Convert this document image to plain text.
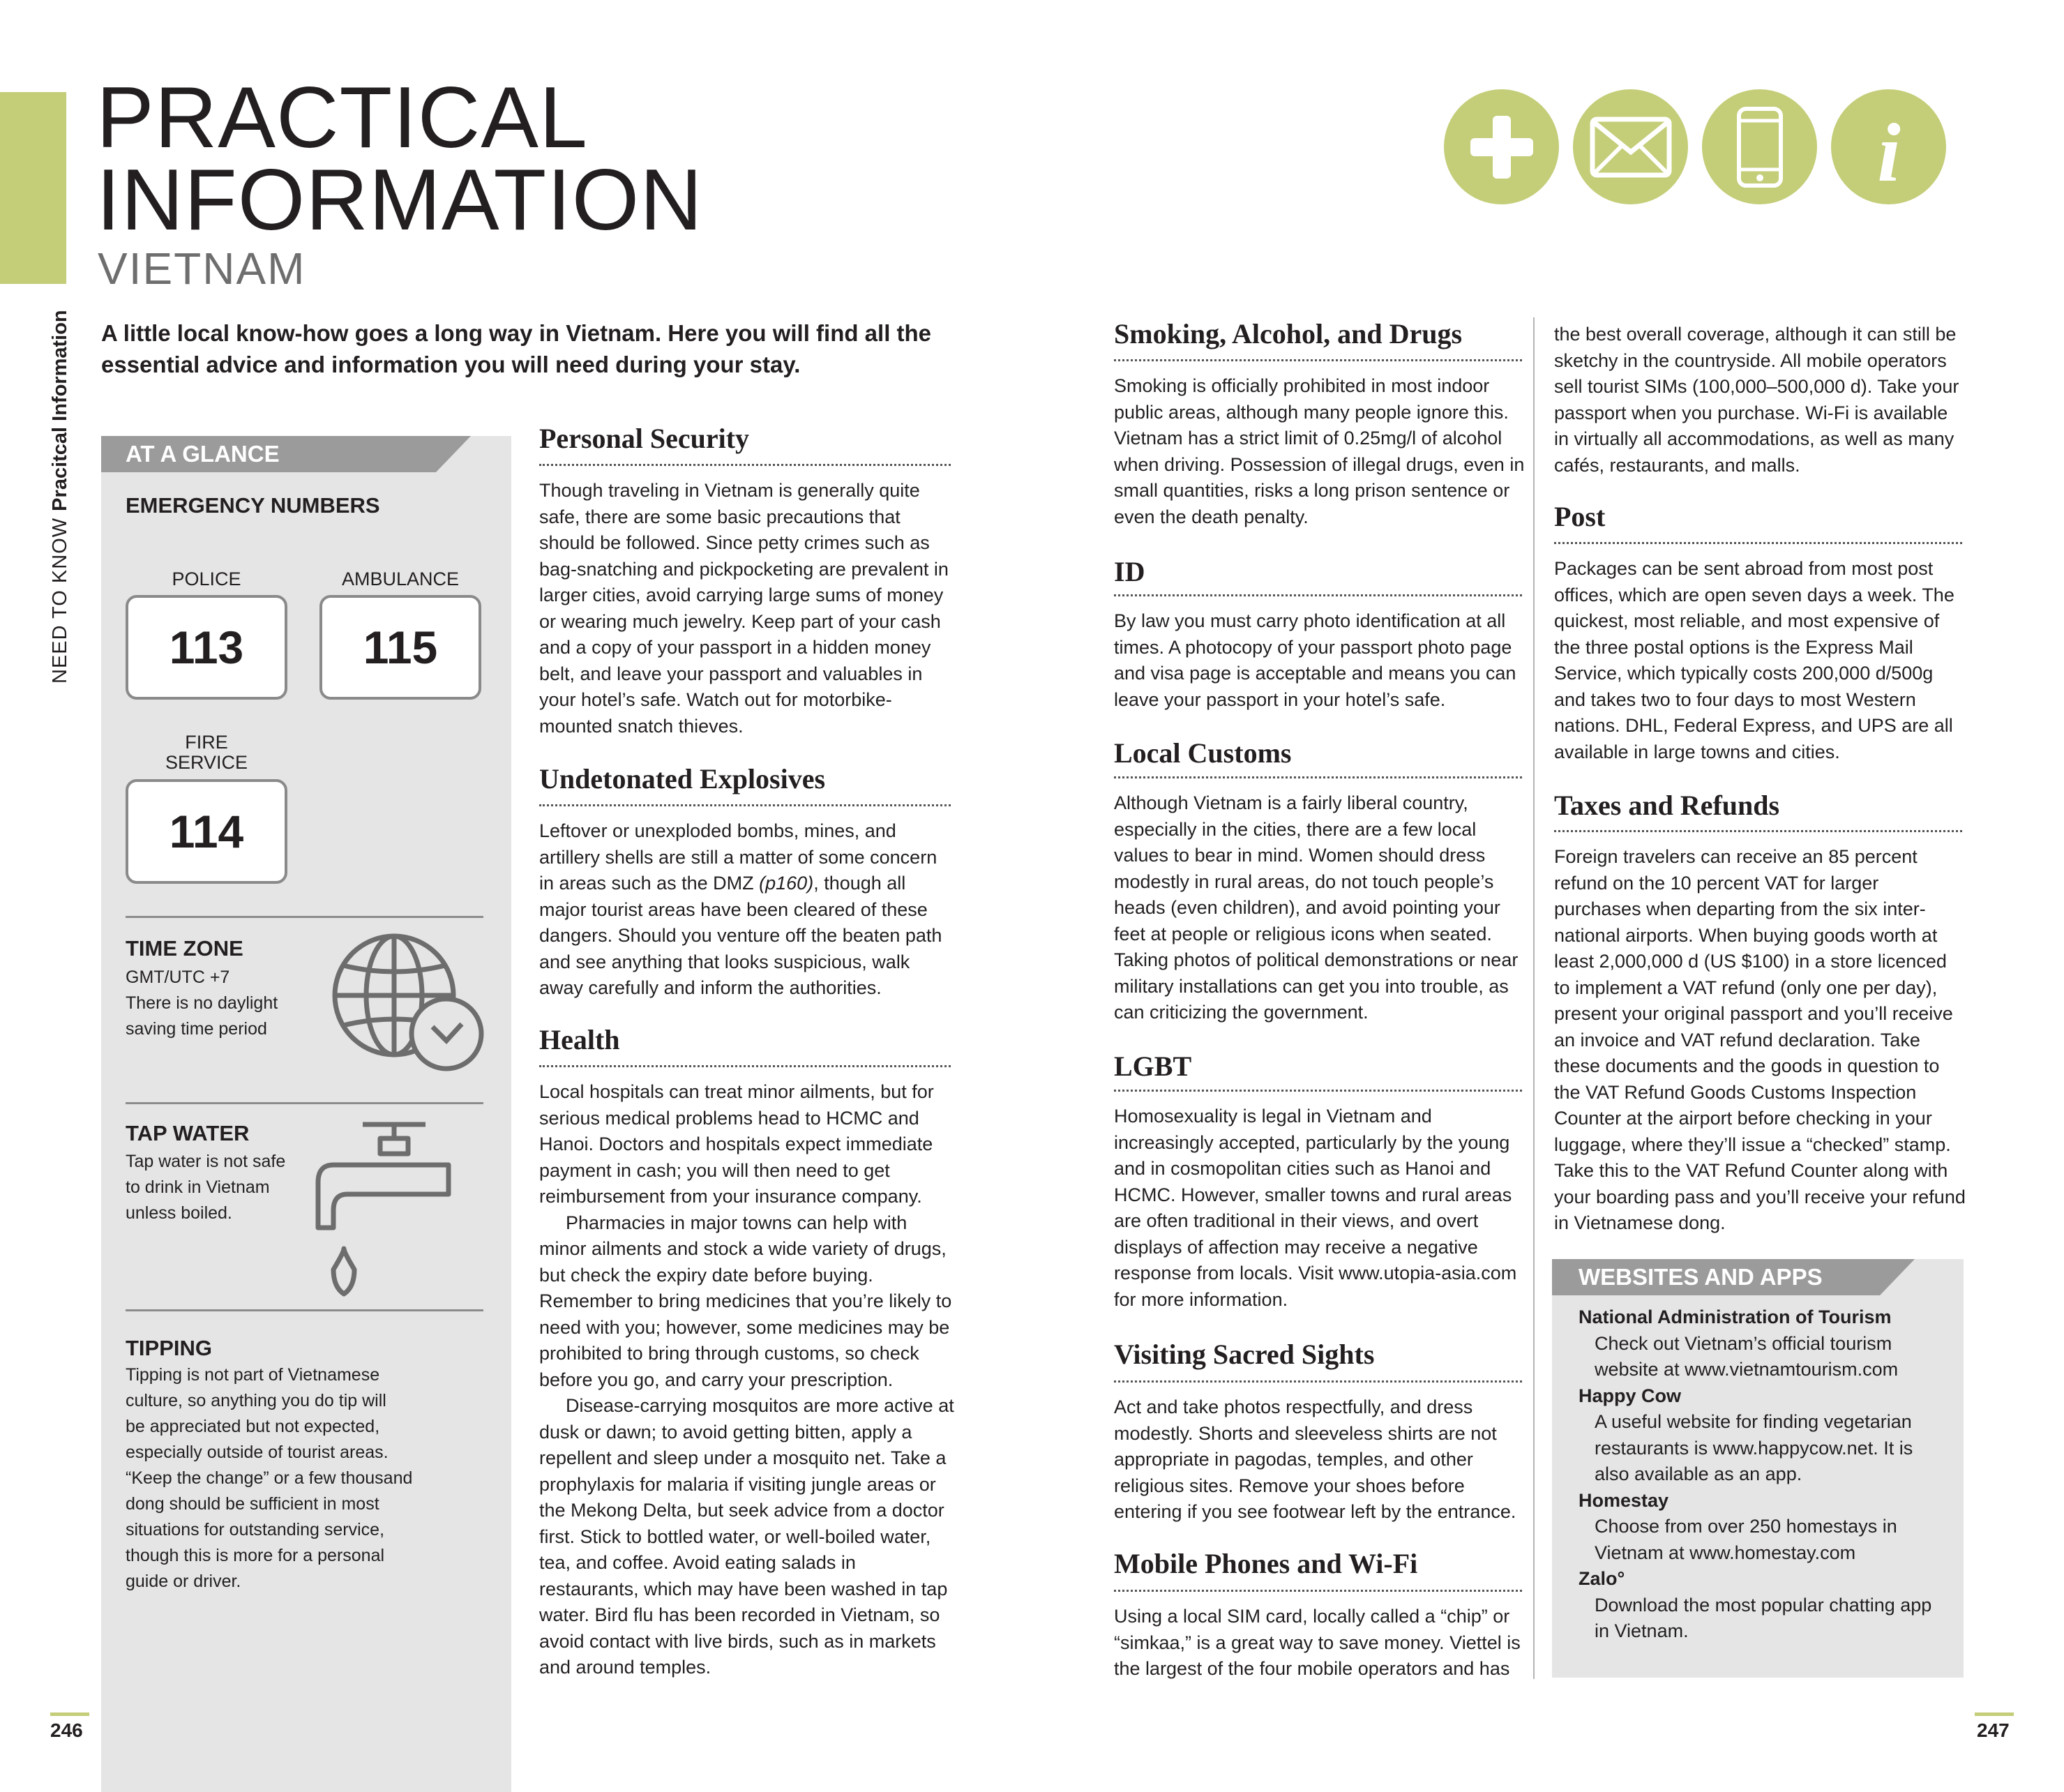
NEED TO KNOW Pracitcal Information
PRACTICAL
INFORMATION
VIETNAM
i
A little local know-how goes a long way in Vietnam. Here you will find all the essential advice and information you will need during your stay.
AT A GLANCE
EMERGENCY NUMBERS
POLICE
113
AMBULANCE
115
FIRE
SERVICE
114
TIME ZONE
GMT/UTC +7
There is no daylight
saving time period
TAP WATER
Tap water is not safe
to drink in Vietnam
unless boiled.
TIPPING
Tipping is not part of Vietnamese
culture, so anything you do tip will
be appreciated but not expected,
especially outside of tourist areas.
“Keep the change” or a few thousand
dong should be sufficient in most
situations for outstanding service,
though this is more for a personal
guide or driver.
Personal Security
Though traveling in Vietnam is generally quite safe, there are some basic precautions that should be followed. Since petty crimes such as bag-snatching and pickpocketing are prevalent in larger cities, avoid carrying large sums of money or wearing much jewelry. Keep part of your cash and a copy of your passport in a hidden money belt, and leave your passport and valuables in your hotel’s safe. Watch out for motorbike-mounted snatch thieves.
Undetonated Explosives
Leftover or unexploded bombs, mines, and artillery shells are still a matter of some concern in areas such as the DMZ (p160), though all major tourist areas have been cleared of these dangers. Should you venture off the beaten path and see anything that looks suspicious, walk away carefully and inform the authorities.
Health

Local hospitals can treat minor ailments, but for serious medical problems head to HCMC and Hanoi. Doctors and hospitals expect immediate payment in cash; you will then need to get reimbursement from your insurance company.

Pharmacies in major towns can help with minor ailments and stock a wide variety of drugs, but check the expiry date before buying. Remember to bring medicines that you’re likely to need with you; however, some medicines may be prohibited to bring through customs, so check before you go, and carry your prescription.

Disease-carrying mosquitos are more active at dusk or dawn; to avoid getting bitten, apply a repellent and sleep under a mosquito net. Take a prophylaxis for malaria if visiting jungle areas or the Mekong Delta, but seek advice from a doctor first. Stick to bottled water, or well-boiled water, tea, and coffee. Avoid eating salads in restaurants, which may have been washed in tap water. Bird flu has been recorded in Vietnam, so avoid contact with live birds, such as in markets and around temples.

Smoking, Alcohol, and Drugs
Smoking is officially prohibited in most indoor public areas, although many people ignore this. Vietnam has a strict limit of 0.25mg/l of alcohol when driving. Possession of illegal drugs, even in small quantities, risks a long prison sentence or even the death penalty.
ID
By law you must carry photo identification at all times. A photocopy of your passport photo page and visa page is acceptable and means you can leave your passport in your hotel’s safe.
Local Customs
Although Vietnam is a fairly liberal country, especially in the cities, there are a few local values to bear in mind. Women should dress modestly in rural areas, do not touch people’s heads (even children), and avoid pointing your feet at people or religious icons when seated. Taking photos of political demonstrations or near military installations can get you into trouble, as can criticizing the government.
LGBT
Homosexuality is legal in Vietnam and increasingly accepted, particularly by the young and in cosmopolitan cities such as Hanoi and HCMC. However, smaller towns and rural areas are often traditional in their views, and overt displays of affection may receive a negative response from locals. Visit www.utopia-asia.com for more information.
Visiting Sacred Sights
Act and take photos respectfully, and dress modestly. Shorts and sleeveless shirts are not appropriate in pagodas, temples, and other religious sites. Remove your shoes before entering if you see footwear left by the entrance.
Mobile Phones and Wi-Fi
Using a local SIM card, locally called a “chip” or “simkaa,” is a great way to save money. Viettel is the largest of the four mobile operators and has
the best overall coverage, although it can still be sketchy in the countryside. All mobile operators sell tourist SIMs (100,000–500,000 d). Take your passport when you purchase. Wi-Fi is available in virtually all accommodations, as well as many cafés, restaurants, and malls.
Post
Packages can be sent abroad from most post offices, which are open seven days a week. The quickest, most reliable, and most expensive of the three postal options is the Express Mail Service, which typically costs 200,000 d/500g and takes two to four days to most Western nations. DHL, Federal Express, and UPS are all available in large towns and cities.
Taxes and Refunds
Foreign travelers can receive an 85 percent refund on the 10 percent VAT for larger purchases when departing from the six inter-national airports. When buying goods worth at least 2,000,000 d (US $100) in a store licenced to implement a VAT refund (only one per day), present your original passport and you’ll receive an invoice and VAT refund declaration. Take these documents and the goods in question to the VAT Refund Goods Customs Inspection Counter at the airport before checking in your luggage, where they’ll issue a “checked” stamp. Take this to the VAT Refund Counter along with your boarding pass and you’ll receive your refund in Vietnamese dong.
WEBSITES AND APPS
National Administration of Tourism
Check out Vietnam’s official tourism website at www.vietnamtourism.com
Happy Cow
A useful website for finding vegetarian restaurants is www.happycow.net. It is also available as an app.
Homestay
Choose from over 250 homestays in Vietnam at www.homestay.com
Zalo°
Download the most popular chatting app in Vietnam.
246	247
